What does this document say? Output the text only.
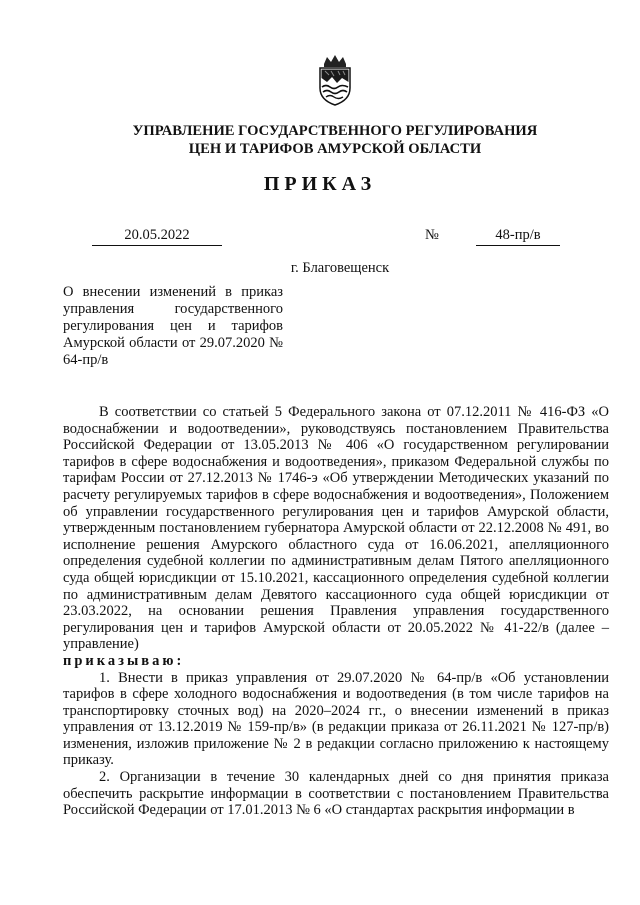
УПРАВЛЕНИЕ ГОСУДАРСТВЕННОГО РЕГУЛИРОВАНИЯ
ЦЕН И ТАРИФОВ АМУРСКОЙ ОБЛАСТИ
ПРИКАЗ
20.05.2022	№	48-пр/в
г. Благовещенск
О внесении изменений в приказ управления государственного регулирования цен и тарифов Амурской области от 29.07.2020 № 64-пр/в

В соответствии со статьей 5 Федерального закона от 07.12.2011 № 416-ФЗ «О водоснабжении и водоотведении», руководствуясь постановлением Правительства Российской Федерации от 13.05.2013 № 406 «О государственном регулировании тарифов в сфере водоснабжения и водоотведения», приказом Федеральной службы по тарифам России от 27.12.2013 № 1746-э «Об утверждении Методических указаний по расчету регулируемых тарифов в сфере водоснабжения и водоотведения», Положением об управлении государственного регулирования цен и тарифов Амурской области, утвержденным постановлением губернатора Амурской области от 22.12.2008 № 491, во исполнение решения Амурского областного суда от 16.06.2021, апелляционного определения судебной коллегии по административным делам Пятого апелляционного суда общей юрисдикции от 15.10.2021, кассационного определения судебной коллегии по административным делам Девятого кассационного суда общей юрисдикции от 23.03.2022, на основании решения Правления управления государственного регулирования цен и тарифов Амурской области от 20.05.2022 № 41-22/в (далее – управление)

приказываю:

1. Внести в приказ управления от 29.07.2020 № 64-пр/в «Об установлении тарифов в сфере холодного водоснабжения и водоотведения (в том числе тарифов на транспортировку сточных вод) на 2020–2024 гг., о внесении изменений в приказ управления от 13.12.2019 № 159-пр/в» (в редакции приказа от 26.11.2021 № 127-пр/в) изменения, изложив приложение № 2 в редакции согласно приложению к настоящему приказу.

2. Организации в течение 30 календарных дней со дня принятия приказа обеспечить раскрытие информации в соответствии с постановлением Правительства Российской Федерации от 17.01.2013 № 6 «О стандартах раскрытия информации в
